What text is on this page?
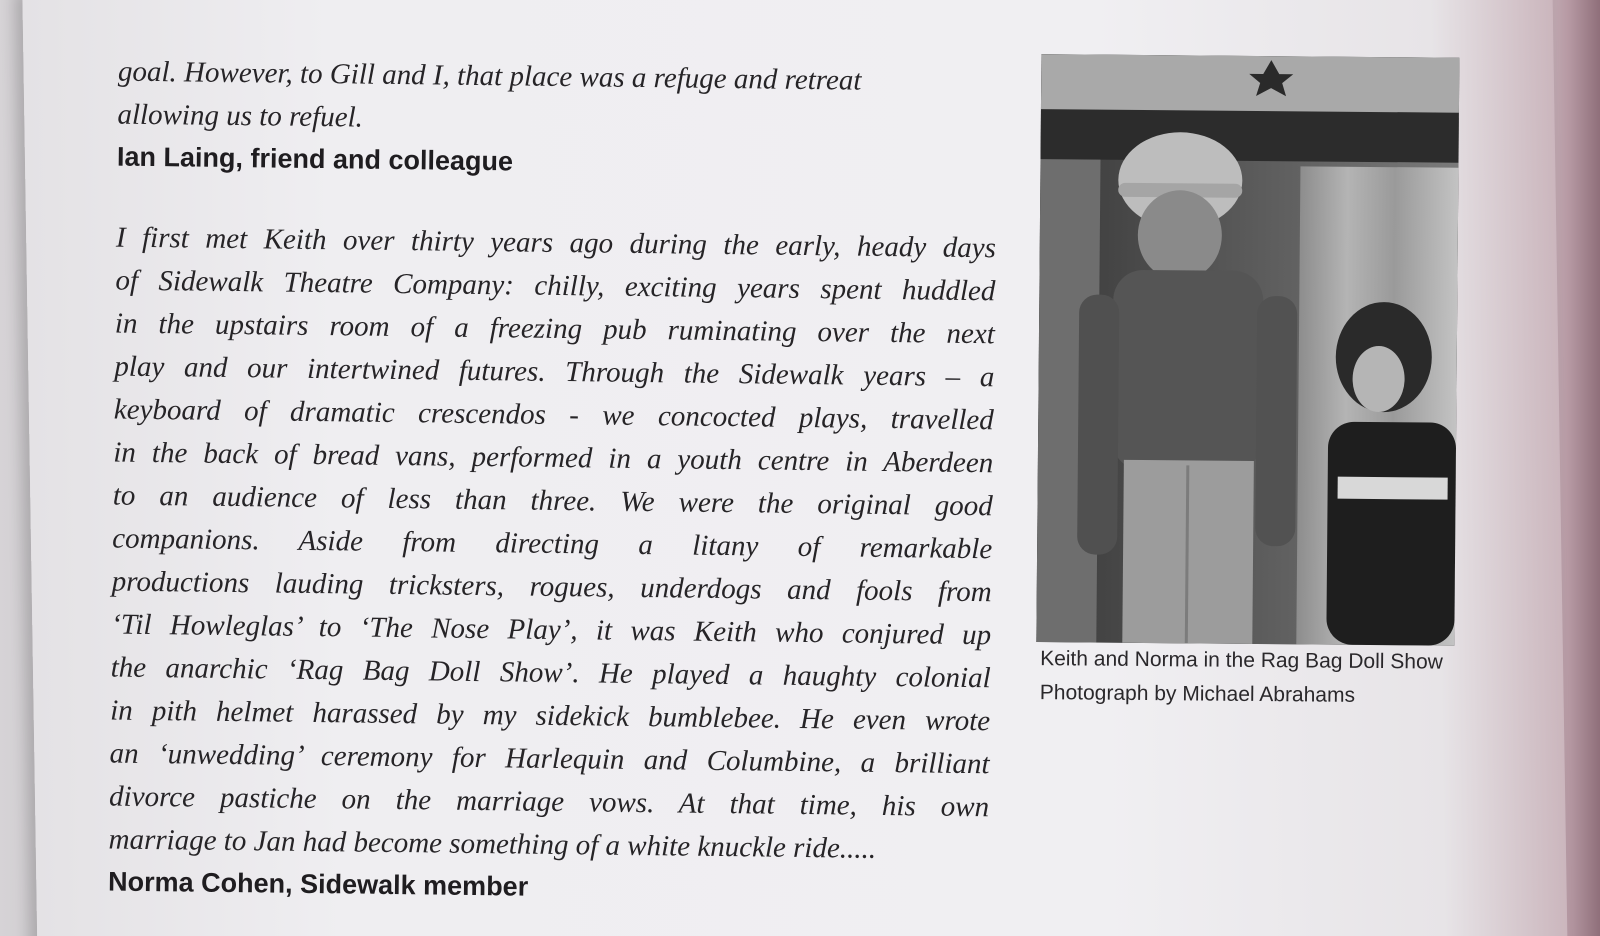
goal. However, to Gill and I, that place was a refuge and retreat
allowing us to refuel.
Ian Laing, friend and colleague
I first met Keith over thirty years ago during the early, heady days
of Sidewalk Theatre Company: chilly, exciting years spent huddled
in the upstairs room of a freezing pub ruminating over the next
play and our intertwined futures. Through the Sidewalk years – a
keyboard of dramatic crescendos - we concocted plays, travelled
in the back of bread vans, performed in a youth centre in Aberdeen
to an audience of less than three. We were the original good
companions. Aside from directing a litany of remarkable
productions lauding tricksters, rogues, underdogs and fools from
‘Til Howleglas’ to ‘The Nose Play’, it was Keith who conjured up
the anarchic ‘Rag Bag Doll Show’. He played a haughty colonial
in pith helmet harassed by my sidekick bumblebee. He even wrote
an ‘unwedding’ ceremony for Harlequin and Columbine, a brilliant
divorce pastiche on the marriage vows. At that time, his own
marriage to Jan had become something of a white knuckle ride.....
Norma Cohen, Sidewalk member
Keith and Norma in the Rag Bag Doll Show
Photograph by Michael Abrahams
